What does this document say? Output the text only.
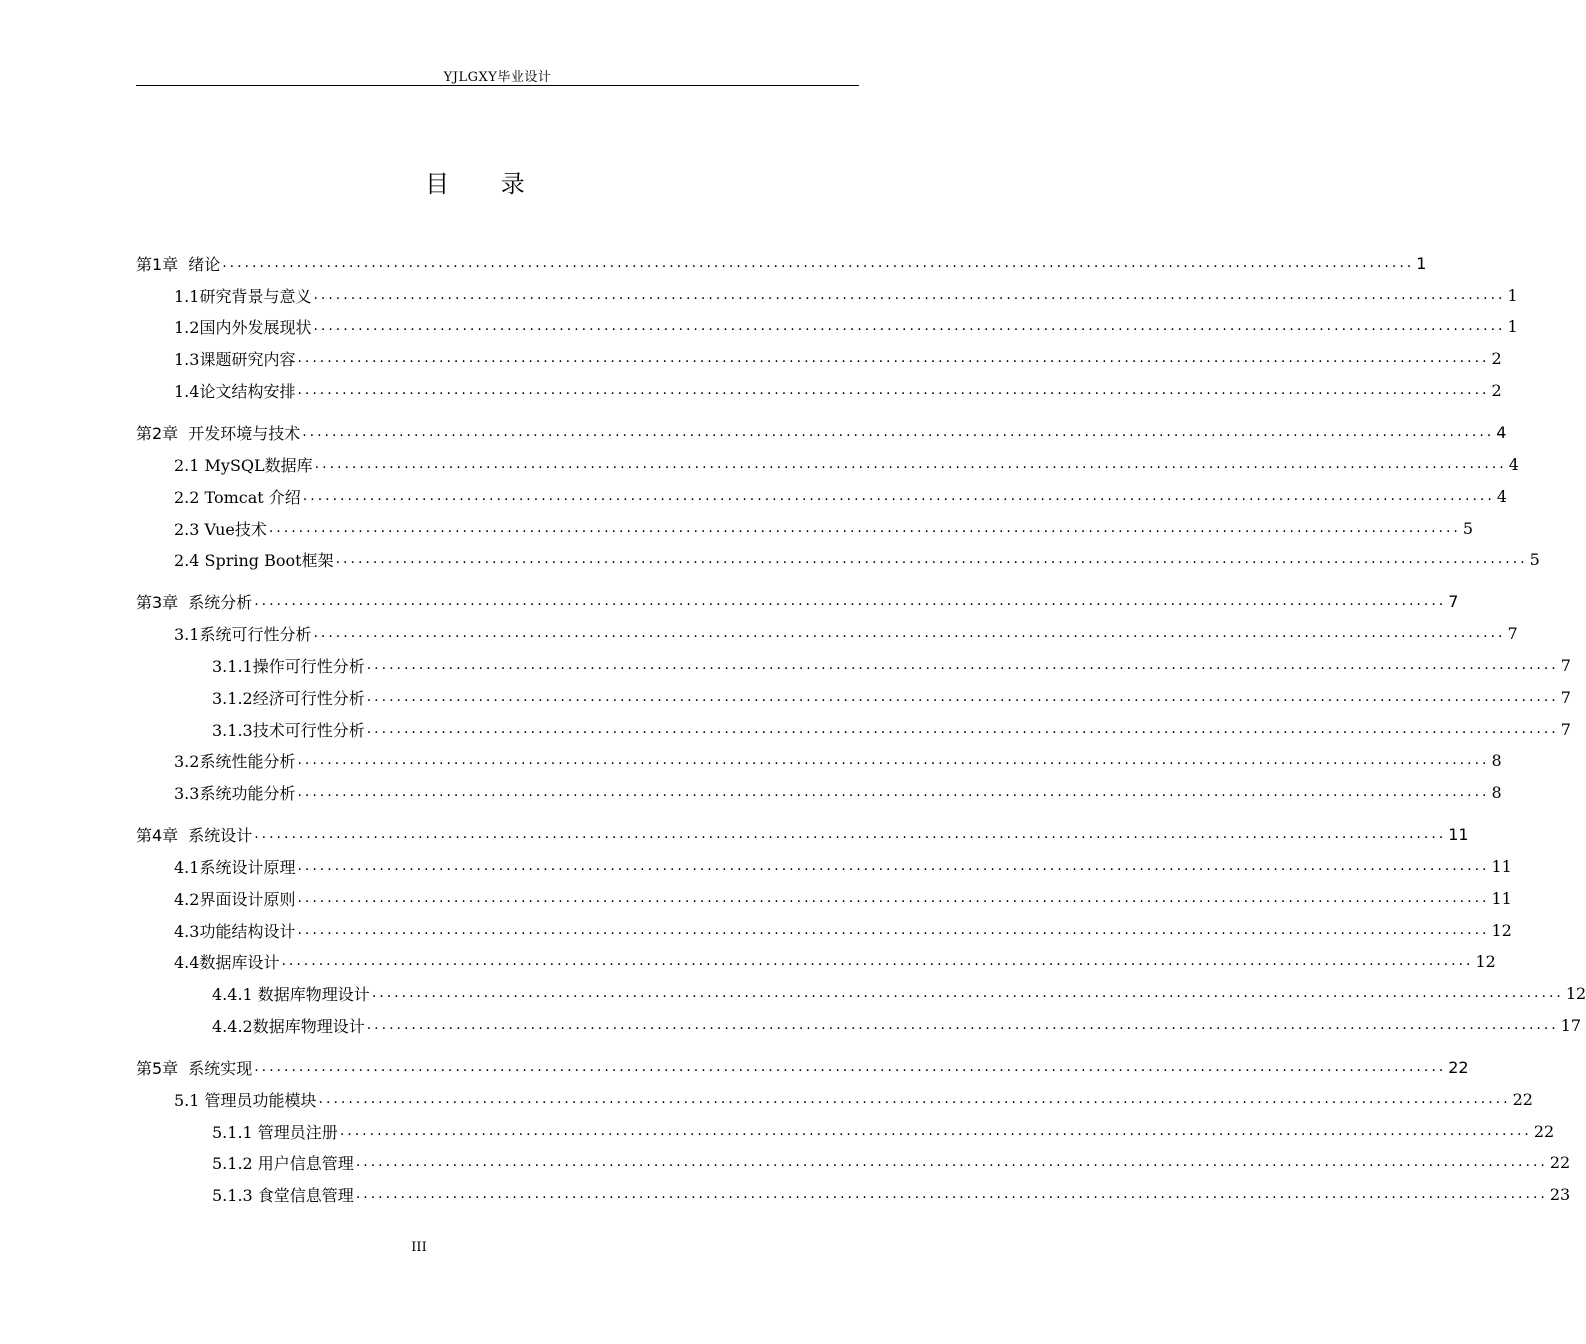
YJLGXY毕业设计
目 录
第1章 绪论 ................................................................................................................................................................ 1
1.1研究背景与意义 ................................................................................................................................................................ 1
1.2国内外发展现状 ................................................................................................................................................................ 1
1.3课题研究内容 ................................................................................................................................................................ 2
1.4论文结构安排 ................................................................................................................................................................ 2
第2章 开发环境与技术 ................................................................................................................................................................ 4
2.1 MySQL数据库 ................................................................................................................................................................ 4
2.2 Tomcat 介绍 ................................................................................................................................................................ 4
2.3 Vue技术 ................................................................................................................................................................ 5
2.4 Spring Boot框架 ................................................................................................................................................................ 5
第3章 系统分析 ................................................................................................................................................................ 7
3.1系统可行性分析 ................................................................................................................................................................ 7
3.1.1操作可行性分析 ................................................................................................................................................................ 7
3.1.2经济可行性分析 ................................................................................................................................................................ 7
3.1.3技术可行性分析 ................................................................................................................................................................ 7
3.2系统性能分析 ................................................................................................................................................................ 8
3.3系统功能分析 ................................................................................................................................................................ 8
第4章 系统设计 ................................................................................................................................................................ 11
4.1系统设计原理 ................................................................................................................................................................ 11
4.2界面设计原则 ................................................................................................................................................................ 11
4.3功能结构设计 ................................................................................................................................................................ 12
4.4数据库设计 ................................................................................................................................................................ 12
4.4.1 数据库物理设计 ................................................................................................................................................................ 12
4.4.2数据库物理设计 ................................................................................................................................................................ 17
第5章 系统实现 ................................................................................................................................................................ 22
5.1 管理员功能模块 ................................................................................................................................................................ 22
5.1.1 管理员注册 ................................................................................................................................................................ 22
5.1.2 用户信息管理 ................................................................................................................................................................ 22
5.1.3 食堂信息管理 ................................................................................................................................................................ 23
III
